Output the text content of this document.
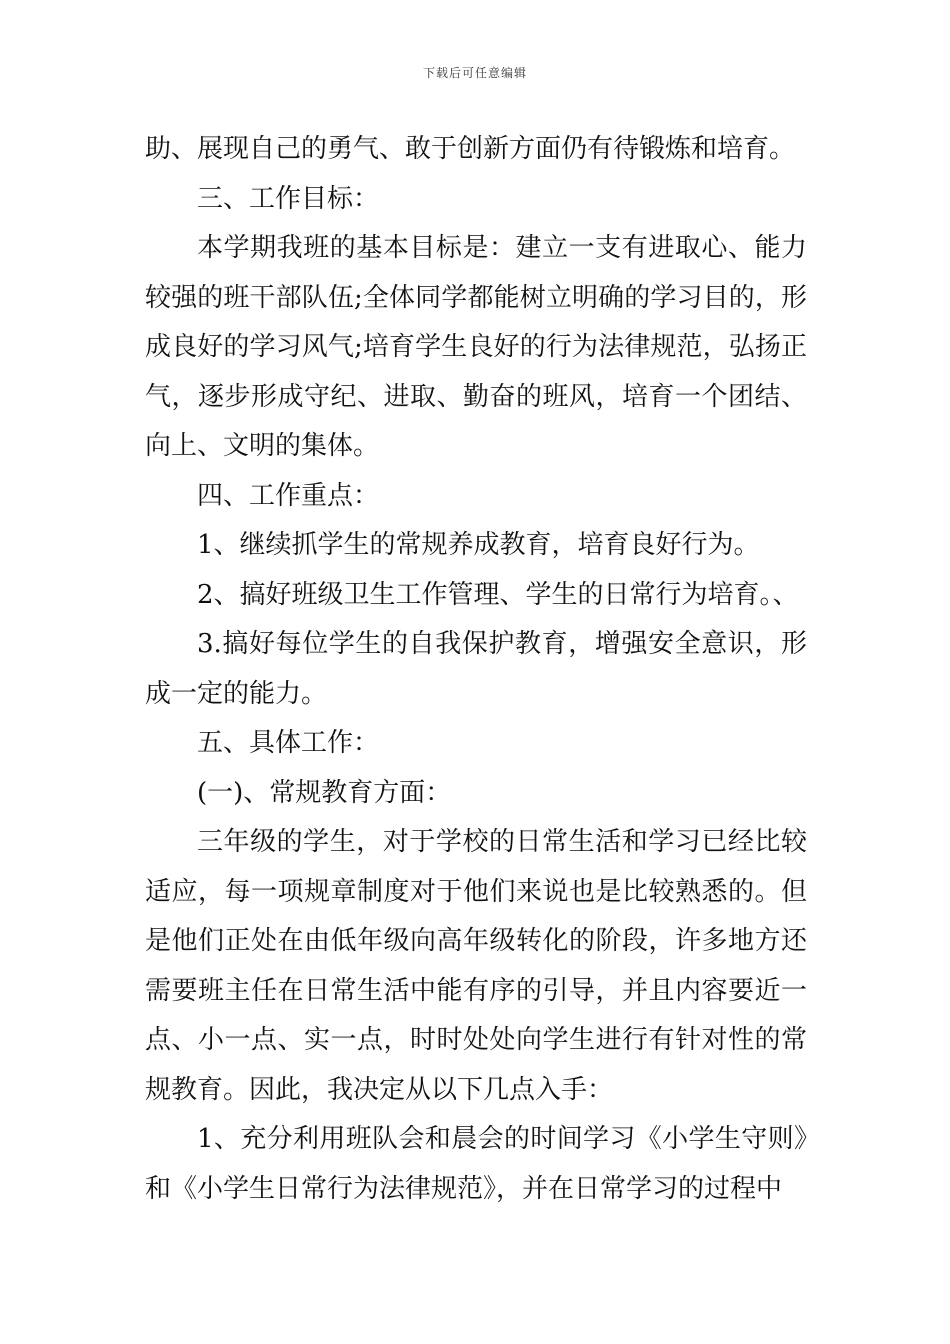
下载后可任意编辑

助、展现自己的勇气、敢于创新方面仍有待锻炼和培育。

三、工作目标：

本学期我班的基本目标是：建立一支有进取心、能力较强的班干部队伍;全体同学都能树立明确的学习目的，形成良好的学习风气;培育学生良好的行为法律规范，弘扬正气，逐步形成守纪、进取、勤奋的班风，培育一个团结、向上、文明的集体。

四、工作重点：

1、继续抓学生的常规养成教育，培育良好行为。

2、搞好班级卫生工作管理、学生的日常行为培育。、

3.搞好每位学生的自我保护教育，增强安全意识，形成一定的能力。

五、具体工作：

(一)、常规教育方面：

三年级的学生，对于学校的日常生活和学习已经比较适应，每一项规章制度对于他们来说也是比较熟悉的。但是他们正处在由低年级向高年级转化的阶段，许多地方还需要班主任在日常生活中能有序的引导，并且内容要近一点、小一点、实一点，时时处处向学生进行有针对性的常规教育。因此，我决定从以下几点入手：

1、充分利用班队会和晨会的时间学习《小学生守则》和《小学生日常行为法律规范》，并在日常学习的过程中
